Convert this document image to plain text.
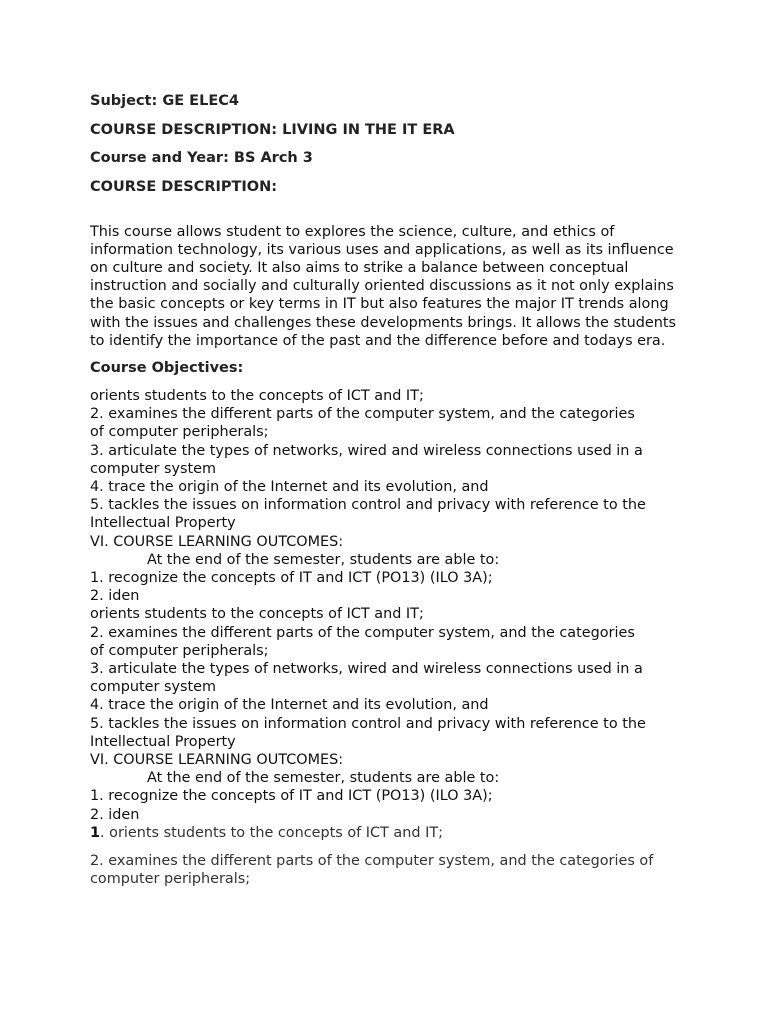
Subject: GE ELEC4

COURSE DESCRIPTION: LIVING IN THE IT ERA

Course and Year: BS Arch 3

COURSE DESCRIPTION:

This course allows student to explores the science, culture, and ethics of information technology, its various uses and applications, as well as its influence on culture and society. It also aims to strike a balance between conceptual instruction and socially and culturally oriented discussions as it not only explains the basic concepts or key terms in IT but also features the major IT trends along with the issues and challenges these developments brings. It allows the students to identify the importance of the past and the difference before and todays era.

Course Objectives:

orients students to the concepts of ICT and IT;

2. examines the different parts of the computer system, and the categories

of computer peripherals;

3. articulate the types of networks, wired and wireless connections used in a

computer system

4. trace the origin of the Internet and its evolution, and

5. tackles the issues on information control and privacy with reference to the

Intellectual Property

VI. COURSE LEARNING OUTCOMES:

At the end of the semester, students are able to:

1. recognize the concepts of IT and ICT (PO13) (ILO 3A);

2. iden

orients students to the concepts of ICT and IT;

2. examines the different parts of the computer system, and the categories

of computer peripherals;

3. articulate the types of networks, wired and wireless connections used in a

computer system

4. trace the origin of the Internet and its evolution, and

5. tackles the issues on information control and privacy with reference to the

Intellectual Property

VI. COURSE LEARNING OUTCOMES:

At the end of the semester, students are able to:

1. recognize the concepts of IT and ICT (PO13) (ILO 3A);

2. iden

1. orients students to the concepts of ICT and IT;

2. examines the different parts of the computer system, and the categories of computer peripherals;
